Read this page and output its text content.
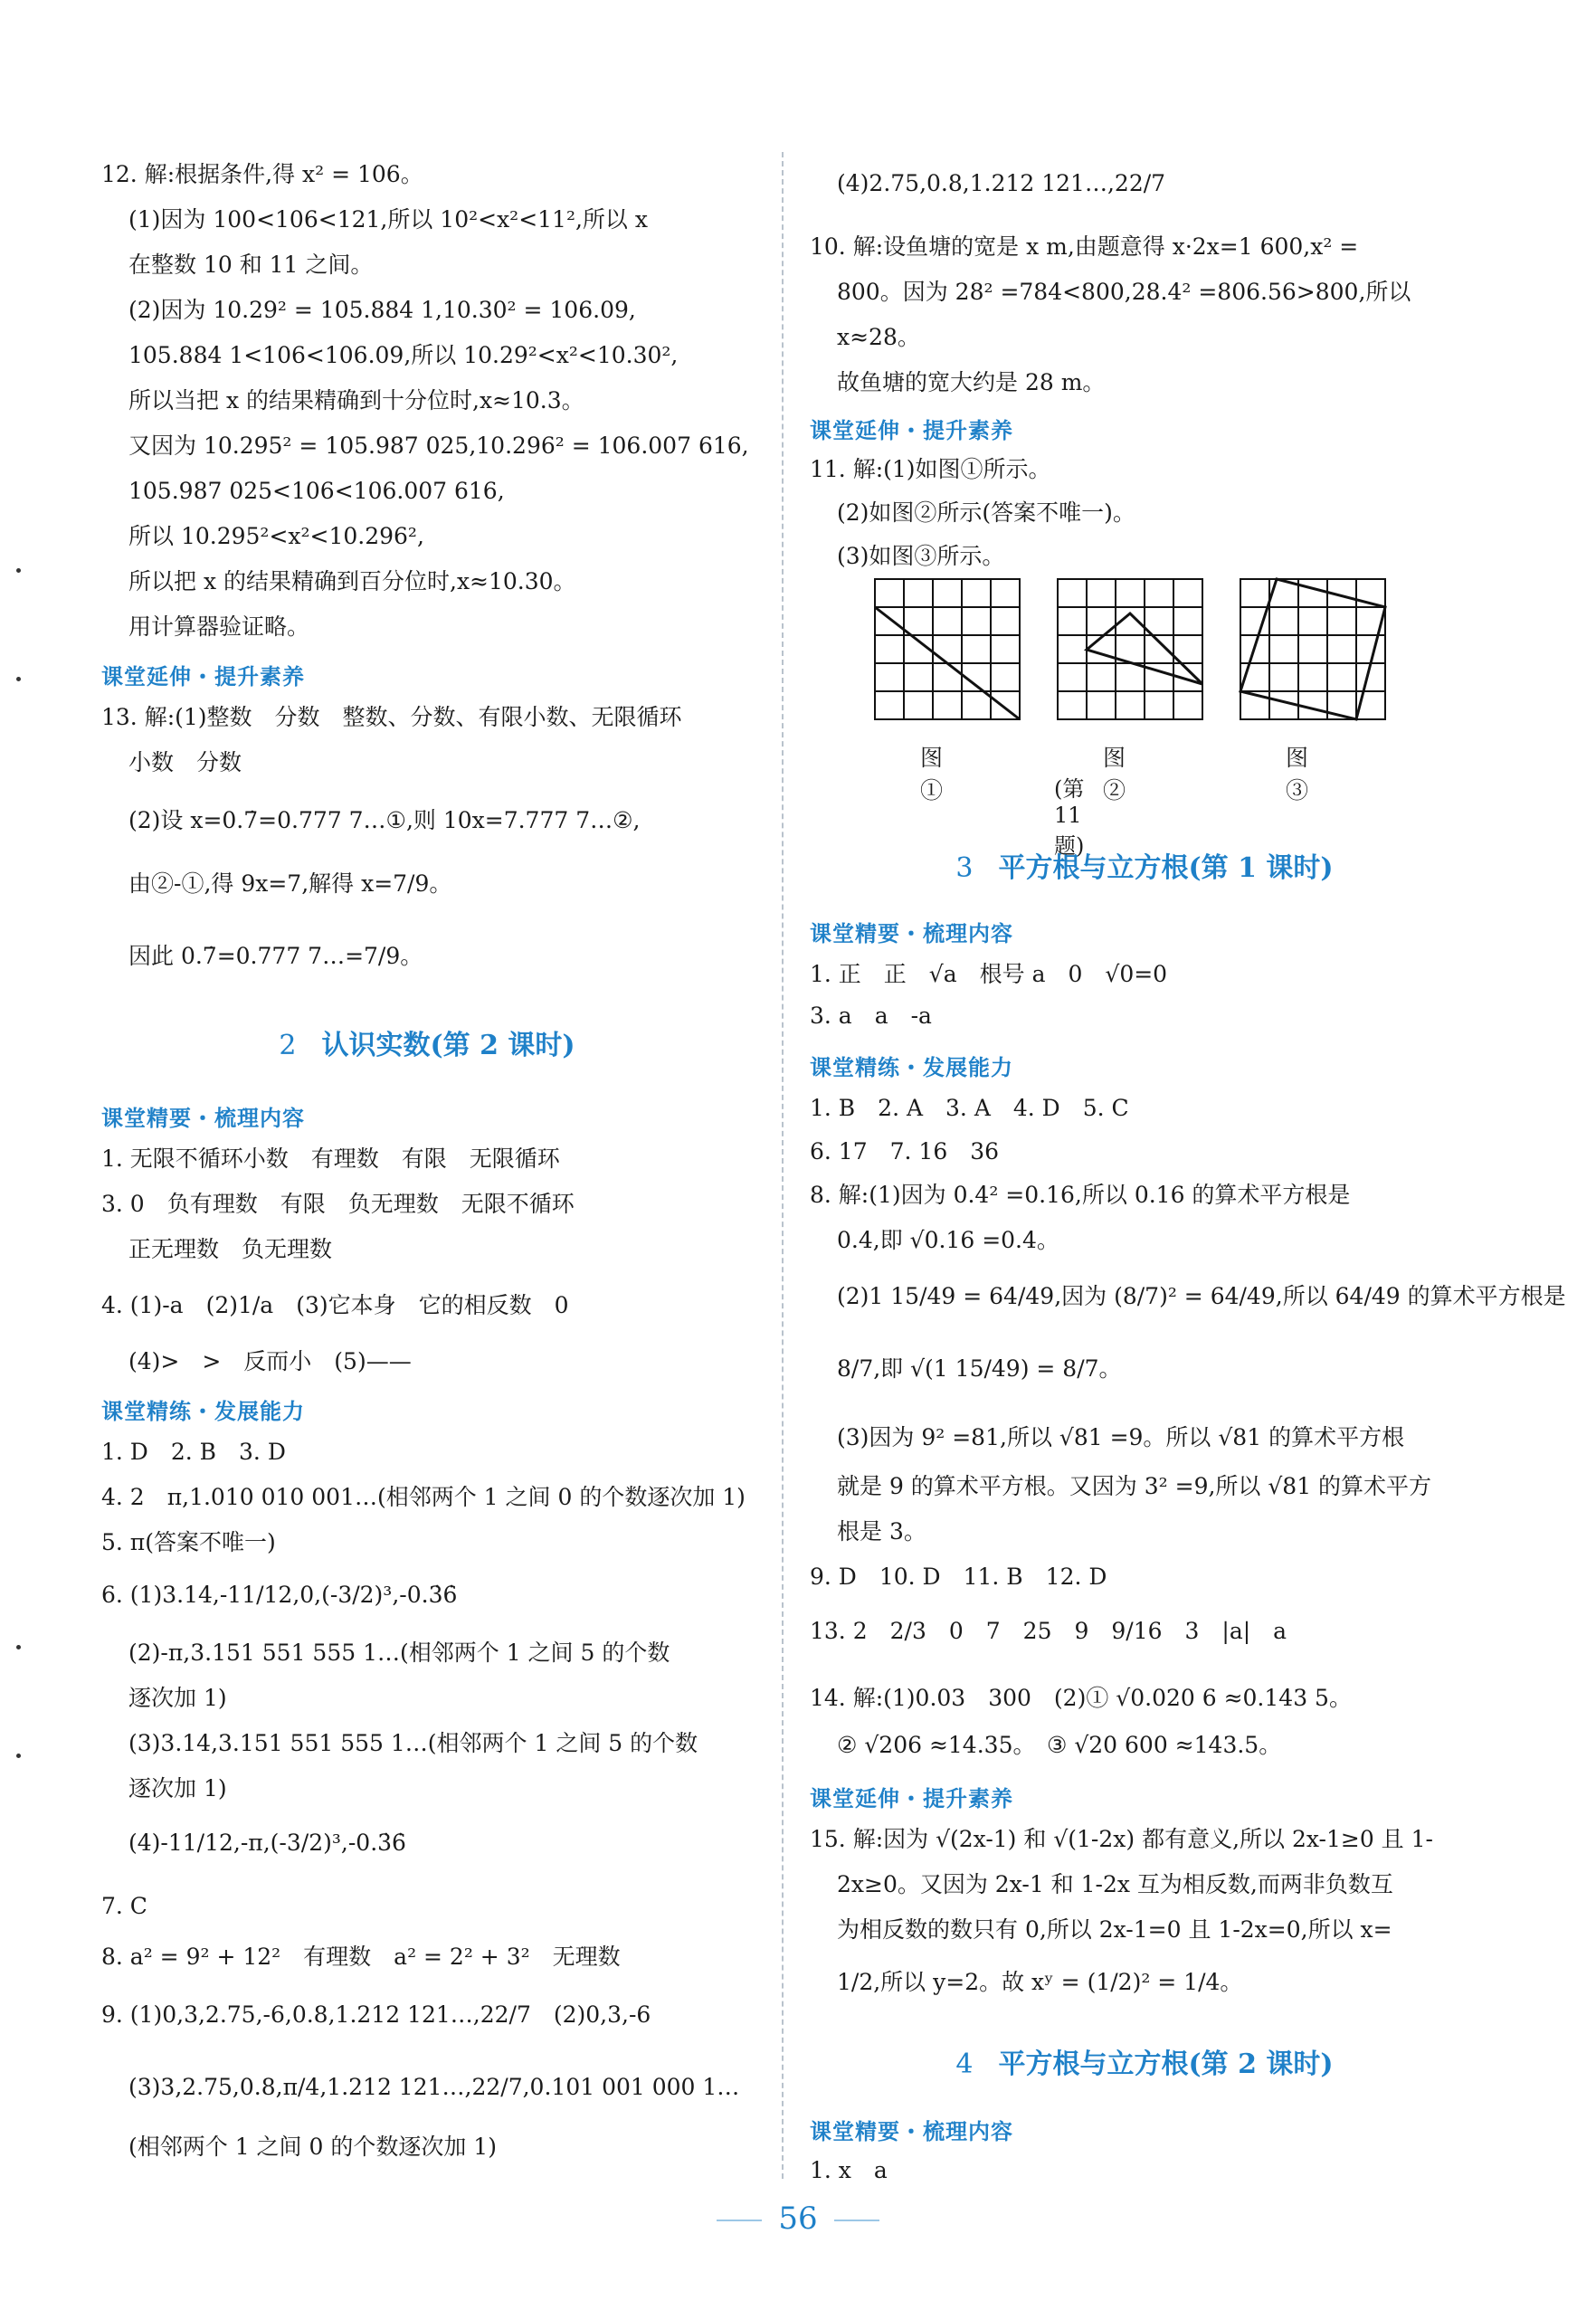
12. 解:根据条件,得 x² = 106。
(1)因为 100<106<121,所以 10²<x²<11²,所以 x
在整数 10 和 11 之间。
(2)因为 10.29² = 105.884 1,10.30² = 106.09,
105.884 1<106<106.09,所以 10.29²<x²<10.30²,
所以当把 x 的结果精确到十分位时,x≈10.3。
又因为 10.295² = 105.987 025,10.296² = 106.007 616,
105.987 025<106<106.007 616,
所以 10.295²<x²<10.296²,
所以把 x 的结果精确到百分位时,x≈10.30。
用计算器验证略。
课堂延伸・提升素养
13. 解:(1)整数　分数　整数、分数、有限小数、无限循环
小数　分数
(2)设 x=0.7̇=0.777 7…①,则 10x=7.777 7…②,
由②-①,得 9x=7,解得 x=7/9。
因此 0.7̇=0.777 7…=7/9。
2 认识实数(第 2 课时)
课堂精要・梳理内容
1. 无限不循环小数　有理数　有限　无限循环
3. 0　负有理数　有限　负无理数　无限不循环
正无理数　负无理数
4. (1)-a　(2)1/a　(3)它本身　它的相反数　0
(4)>　>　反而小　(5)——
课堂精练・发展能力
1. D　2. B　3. D
4. 2　π,1.010 010 001…(相邻两个 1 之间 0 的个数逐次加 1)
5. π(答案不唯一)
6. (1)3.14,-11/12,0,(-3/2)³,-0.3̇6̇
(2)-π,3.151 551 555 1…(相邻两个 1 之间 5 的个数
逐次加 1)
(3)3.14,3.151 551 555 1…(相邻两个 1 之间 5 的个数
逐次加 1)
(4)-11/12,-π,(-3/2)³,-0.3̇6̇
7. C
8. a² = 9² + 12²　有理数　a² = 2² + 3²　无理数
9. (1)0,3,2.75,-6,0.8,1.212 121…,22/7　(2)0,3,-6
(3)3,2.75,0.8,π/4,1.212 121…,22/7,0.101 001 000 1…
(相邻两个 1 之间 0 的个数逐次加 1)
(4)2.75,0.8,1.212 121…,22/7
10. 解:设鱼塘的宽是 x m,由题意得 x·2x=1 600,x² =
800。因为 28² =784<800,28.4² =806.56>800,所以
x≈28。
故鱼塘的宽大约是 28 m。
课堂延伸・提升素养
11. 解:(1)如图①所示。
(2)如图②所示(答案不唯一)。
(3)如图③所示。
图①
图②
图③
(第 11 题)
3 平方根与立方根(第 1 课时)
课堂精要・梳理内容
1. 正　正　√a　根号 a　0　√0=0
3. a　a　-a
课堂精练・发展能力
1. B　2. A　3. A　4. D　5. C
6. 17　7. 16　36
8. 解:(1)因为 0.4² =0.16,所以 0.16 的算术平方根是
0.4,即 √0.16 =0.4。
(2)1 15/49 = 64/49,因为 (8/7)² = 64/49,所以 64/49 的算术平方根是
8/7,即 √(1 15/49) = 8/7。
(3)因为 9² =81,所以 √81 =9。所以 √81 的算术平方根
就是 9 的算术平方根。又因为 3² =9,所以 √81 的算术平方
根是 3。
9. D　10. D　11. B　12. D
13. 2　2/3　0　7　25　9　9/16　3　|a|　a
14. 解:(1)0.03　300　(2)① √0.020 6 ≈0.143 5。
② √206 ≈14.35。　③ √20 600 ≈143.5。
课堂延伸・提升素养
15. 解:因为 √(2x-1) 和 √(1-2x) 都有意义,所以 2x-1≥0 且 1-
2x≥0。又因为 2x-1 和 1-2x 互为相反数,而两非负数互
为相反数的数只有 0,所以 2x-1=0 且 1-2x=0,所以 x=
1/2,所以 y=2。故 xʸ = (1/2)² = 1/4。
4 平方根与立方根(第 2 课时)
课堂精要・梳理内容
1. x　a
56
